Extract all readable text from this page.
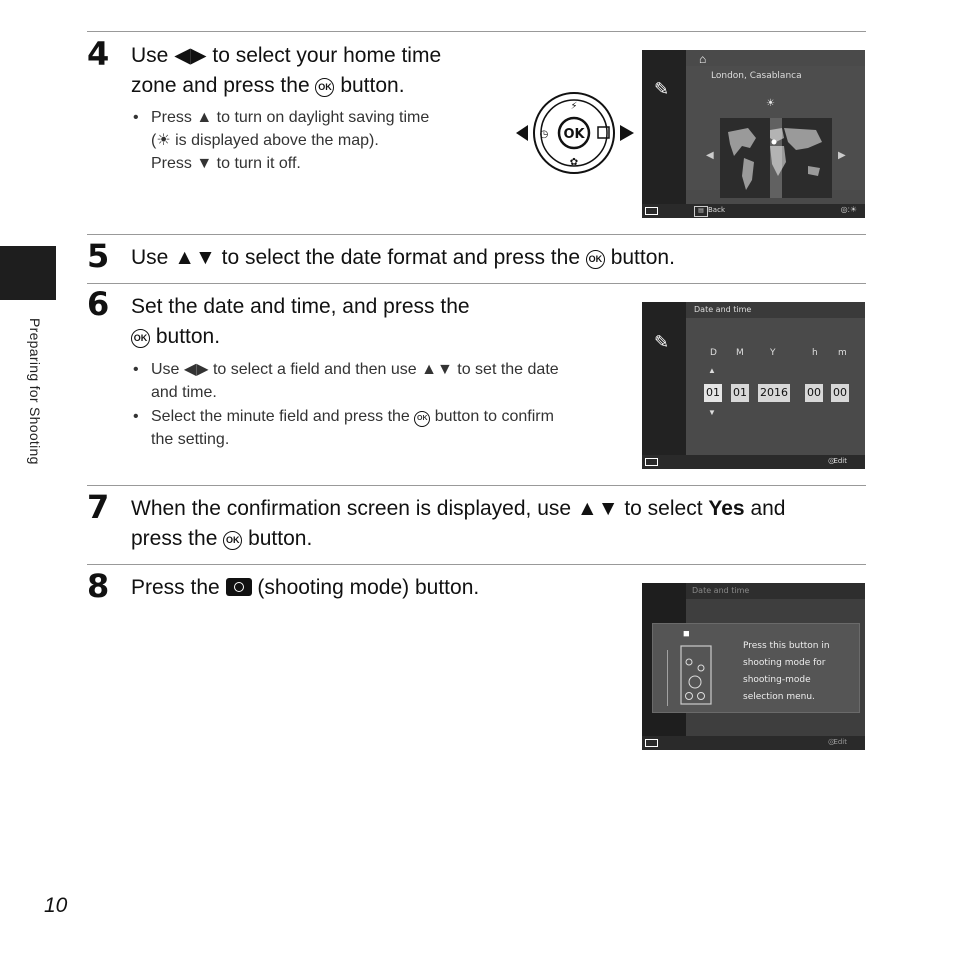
Preparing for Shooting
4 Use ◀▶ to select your home time
zone and press the OK button.
• Press ▲ to turn on daylight saving time
(☀ is displayed above the map).
Press ▼ to turn it off.
OK
⚡
✿
◷
✎
⌂
London, Casablanca
☀
◀	▶
▤ Back	◎:☀
5 Use ▲▼ to select the date format and press the OK button.
6 Set the date and time, and press the
OK button.
• Use ◀▶ to select a field and then use ▲▼ to set the date
and time.
• Select the minute field and press the OK button to confirm
the setting.
Date and time
✎
D M	Y	h m
▲
▼
01 01 2016 00 00
◎
Edit
7 When the confirmation screen is displayed, use ▲▼ to select Yes and
press the OK button.
8 Press the (shooting mode) button.	Date and time
■
Press this button in
shooting mode for
shooting-mode
selection menu.
◎
Edit
10
